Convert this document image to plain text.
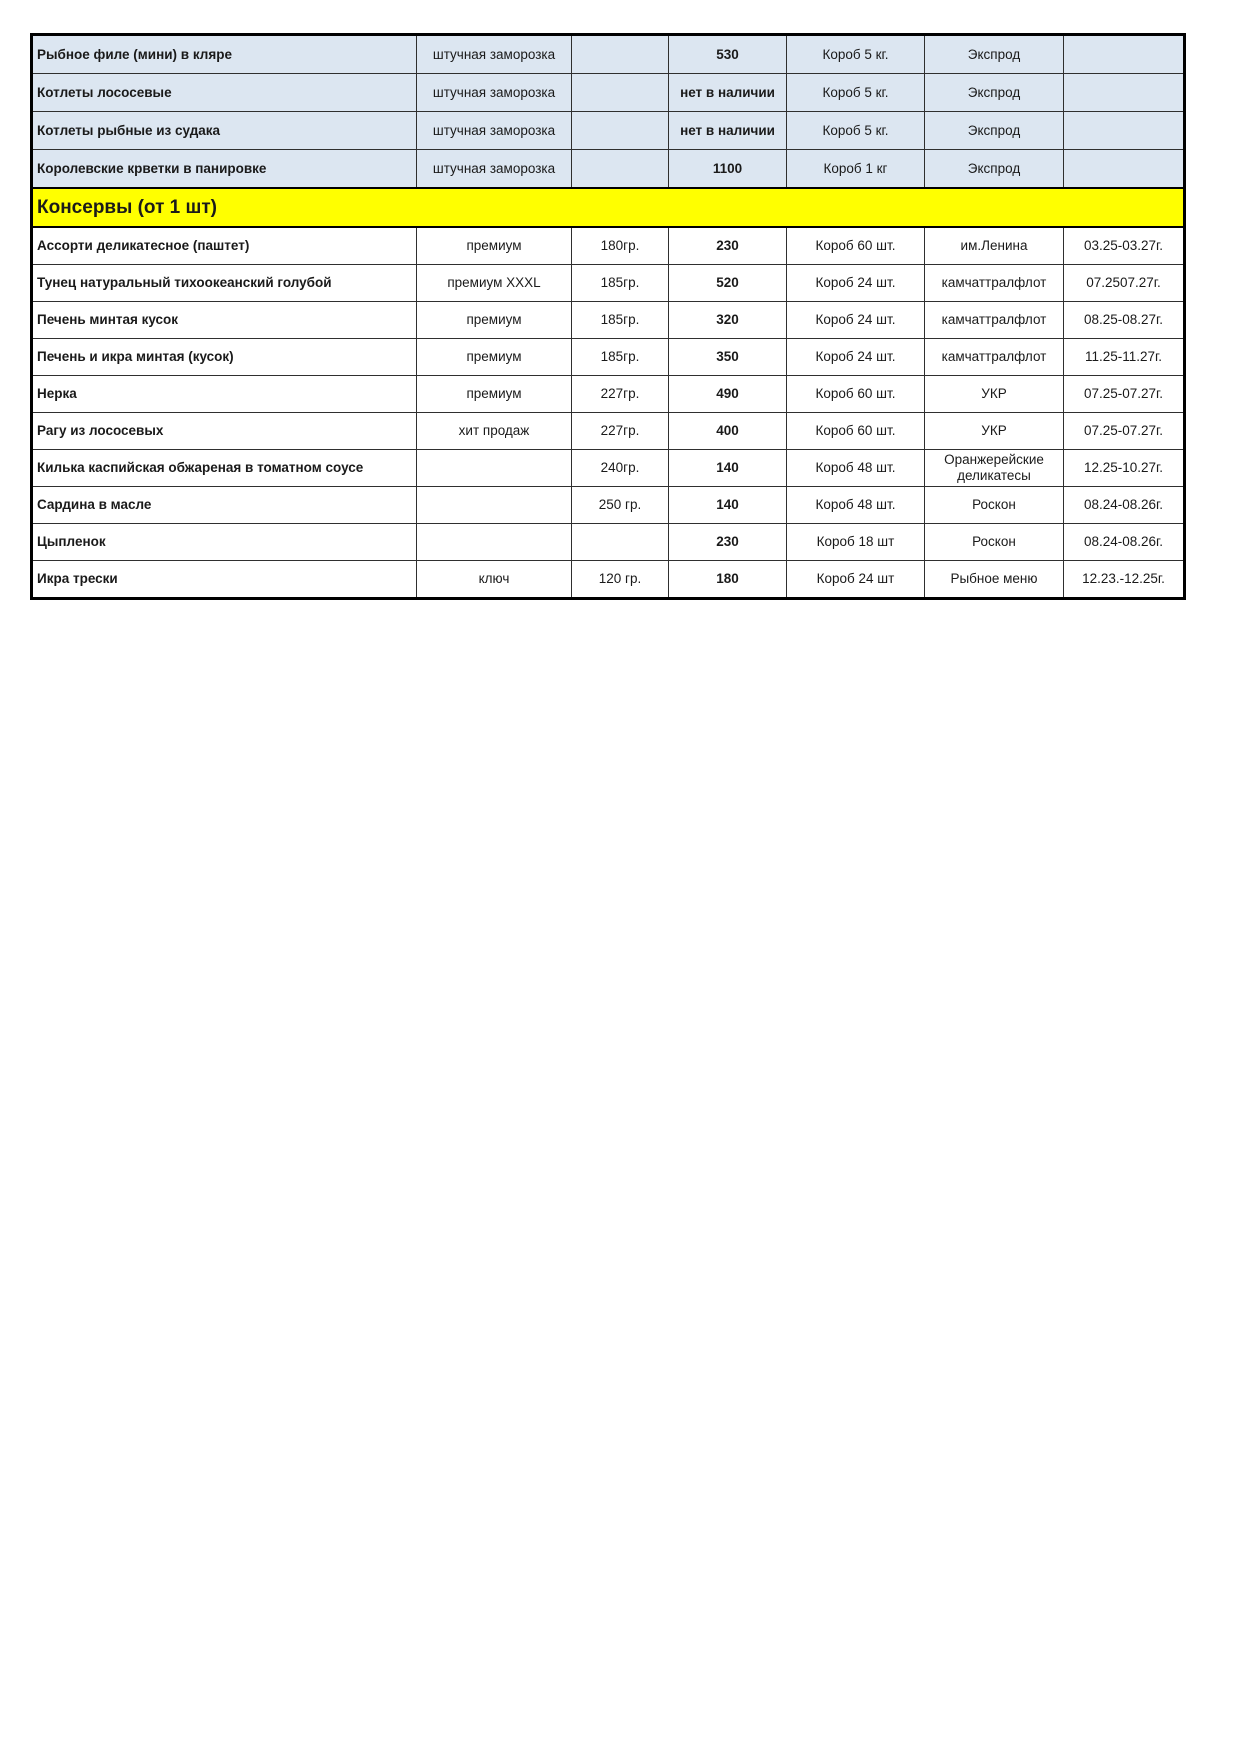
Рыбное филе (мини) в кляре	штучная заморозка		530	Короб 5 кг.	Экспрод	
Котлеты лососевые	штучная заморозка		нет в наличии	Короб 5 кг.	Экспрод	
Котлеты рыбные из судака	штучная заморозка		нет в наличии	Короб 5 кг.	Экспрод	
Королевские крветки в панировке	штучная заморозка		1100	Короб 1 кг	Экспрод	
Консервы (от 1 шт)						
Ассорти деликатесное (паштет)	премиум	180гр.	230	Короб 60 шт.	им.Ленина	03.25-03.27г.
Тунец натуральный тихоокеанский голубой	премиум XXXL	185гр.	520	Короб 24 шт.	камчаттралфлот	07.2507.27г.
Печень минтая кусок	премиум	185гр.	320	Короб 24 шт.	камчаттралфлот	08.25-08.27г.
Печень и икра минтая (кусок)	премиум	185гр.	350	Короб 24 шт.	камчаттралфлот	11.25-11.27г.
Нерка	премиум	227гр.	490	Короб 60 шт.	УКР	07.25-07.27г.
Рагу из лососевых	хит продаж	227гр.	400	Короб 60 шт.	УКР	07.25-07.27г.
Килька каспийская обжареная в томатном соусе		240гр.	140	Короб 48 шт.	Оранжерейские деликатесы	12.25-10.27г.
Сардина в масле		250 гр.	140	Короб 48 шт.	Роскон	08.24-08.26г.
Цыпленок			230	Короб 18 шт	Роскон	08.24-08.26г.
Икра трески	ключ	120 гр.	180	Короб 24 шт	Рыбное меню	12.23.-12.25г.
